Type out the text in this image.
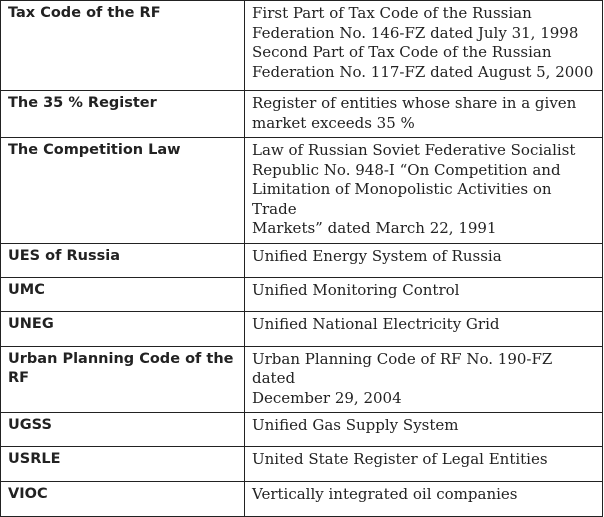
Tax Code of the RF	First Part of Tax Code of the Russian
Federation No. 146-FZ dated July 31, 1998
Second Part of Tax Code of the Russian
Federation No. 117-FZ dated August 5, 2000

The 35 % Register	Register of entities whose share in a given
market exceeds 35 %

The Competition Law	Law of Russian Soviet Federative Socialist
Republic No. 948-I “On Competition and
Limitation of Monopolistic Activities on Trade
Markets” dated March 22, 1991

UES of Russia	Unified Energy System of Russia

UMC	Unified Monitoring Control

UNEG	Unified National Electricity Grid

Urban Planning Code of the RF	Urban Planning Code of RF No. 190-FZ dated
December 29, 2004

UGSS	Unified Gas Supply System

USRLE	United State Register of Legal Entities

VIOC	Vertically integrated oil companies
